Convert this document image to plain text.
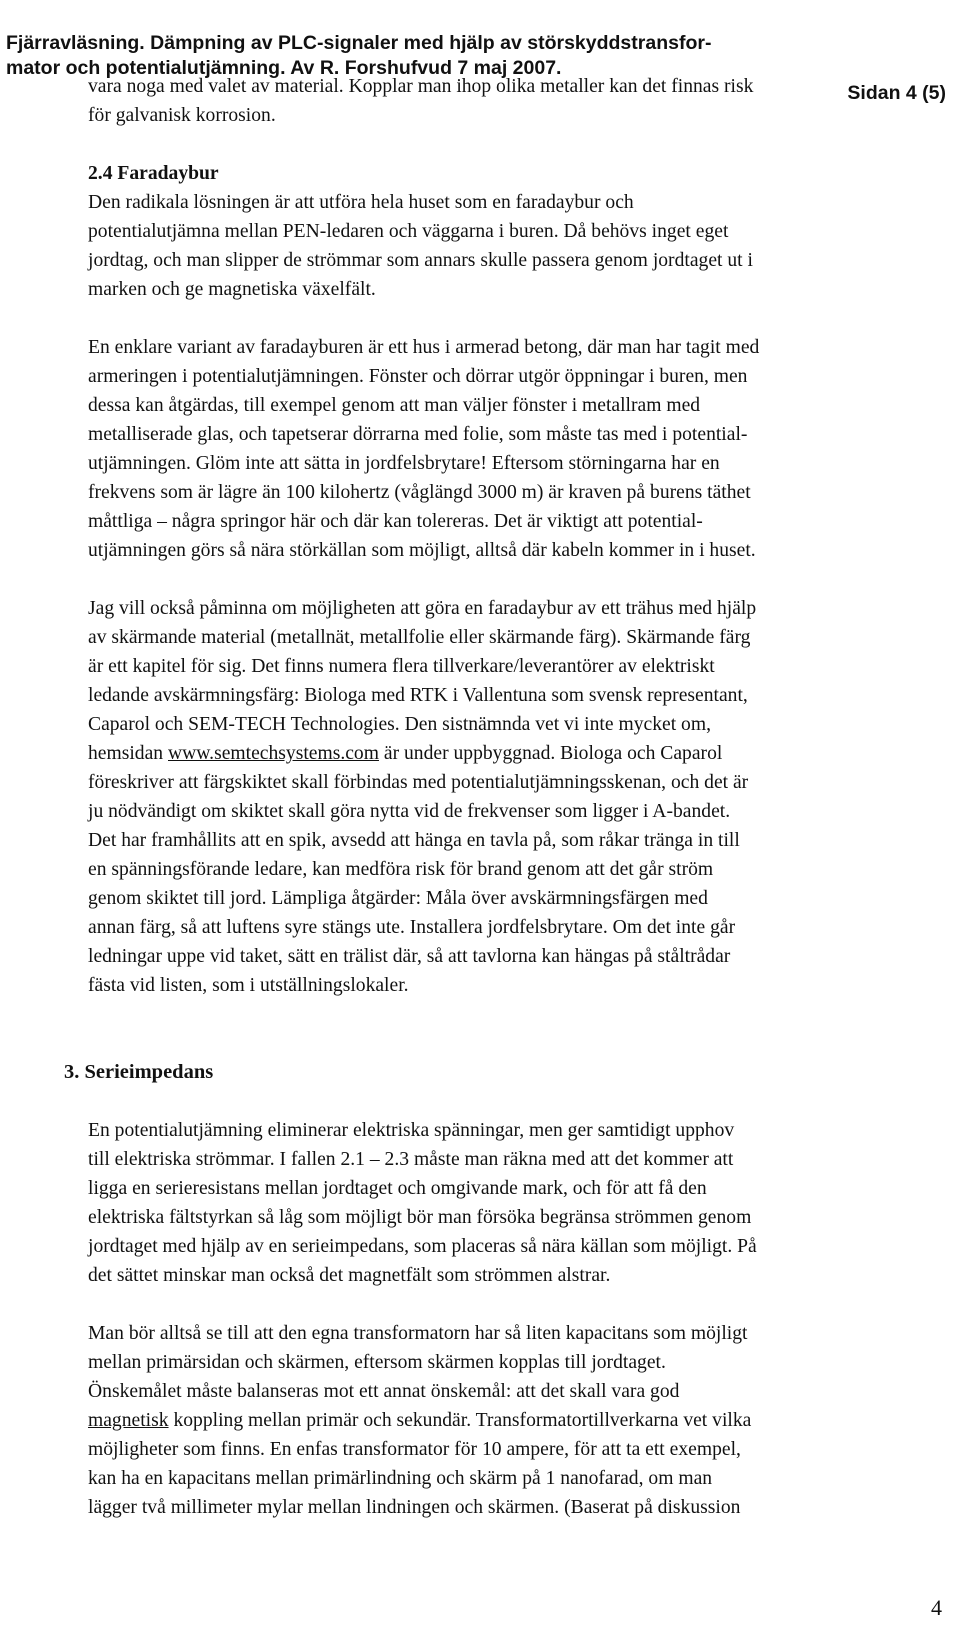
Fjärravläsning. Dämpning av PLC-signaler med hjälp av störskyddstransfor-
mator och potentialutjämning. Av R. Forshufvud 7 maj 2007.

Sidan 4 (5)

vara noga med valet av material. Kopplar man ihop olika metaller kan det finnas risk
för galvanisk korrosion.

2.4 Faradaybur

Den radikala lösningen är att utföra hela huset som en faradaybur och
potentialutjämna mellan PEN-ledaren och väggarna i buren. Då behövs inget eget
jordtag, och man slipper de strömmar som annars skulle passera genom jordtaget ut i
marken och ge magnetiska växelfält.

En enklare variant av faradayburen är ett hus i armerad betong, där man har tagit med
armeringen i potentialutjämningen. Fönster och dörrar utgör öppningar i buren, men
dessa kan åtgärdas, till exempel genom att man väljer fönster i metallram med
metalliserade glas, och tapetserar dörrarna med folie, som måste tas med i potential-
utjämningen. Glöm inte att sätta in jordfelsbrytare! Eftersom störningarna har en
frekvens som är lägre än 100 kilohertz (våglängd 3000 m) är kraven på burens täthet
måttliga – några springor här och där kan tolereras. Det är viktigt att potential-
utjämningen görs så nära störkällan som möjligt, alltså där kabeln kommer in i huset.

Jag vill också påminna om möjligheten att göra en faradaybur av ett trähus med hjälp
av skärmande material (metallnät, metallfolie eller skärmande färg). Skärmande färg
är ett kapitel för sig. Det finns numera flera tillverkare/leverantörer av elektriskt
ledande avskärmningsfärg: Biologa med RTK i Vallentuna som svensk representant,
Caparol och SEM-TECH Technologies. Den sistnämnda vet vi inte mycket om,
hemsidan www.semtechsystems.com är under uppbyggnad. Biologa och Caparol
föreskriver att färgskiktet skall förbindas med potentialutjämningsskenan, och det är
ju nödvändigt om skiktet skall göra nytta vid de frekvenser som ligger i A-bandet.
Det har framhållits att en spik, avsedd att hänga en tavla på, som råkar tränga in till
en spänningsförande ledare, kan medföra risk för brand genom att det går ström
genom skiktet till jord. Lämpliga åtgärder: Måla över avskärmningsfärgen med
annan färg, så att luftens syre stängs ute. Installera jordfelsbrytare. Om det inte går
ledningar uppe vid taket, sätt en trälist där, så att tavlorna kan hängas på ståltrådar
fästa vid listen, som i utställningslokaler.

3. Serieimpedans

En potentialutjämning eliminerar elektriska spänningar, men ger samtidigt upphov
till elektriska strömmar. I fallen 2.1 – 2.3 måste man räkna med att det kommer att
ligga en serieresistans mellan jordtaget och omgivande mark, och för att få den
elektriska fältstyrkan så låg som möjligt bör man försöka begränsa strömmen genom
jordtaget med hjälp av en serieimpedans, som placeras så nära källan som möjligt. På
det sättet minskar man också det magnetfält som strömmen alstrar.

Man bör alltså se till att den egna transformatorn har så liten kapacitans som möjligt
mellan primärsidan och skärmen, eftersom skärmen kopplas till jordtaget.
Önskemålet måste balanseras mot ett annat önskemål: att det skall vara god
magnetisk koppling mellan primär och sekundär. Transformatortillverkarna vet vilka
möjligheter som finns. En enfas transformator för 10 ampere, för att ta ett exempel,
kan ha en kapacitans mellan primärlindning och skärm på 1 nanofarad, om man
lägger två millimeter mylar mellan lindningen och skärmen. (Baserat på diskussion

4
